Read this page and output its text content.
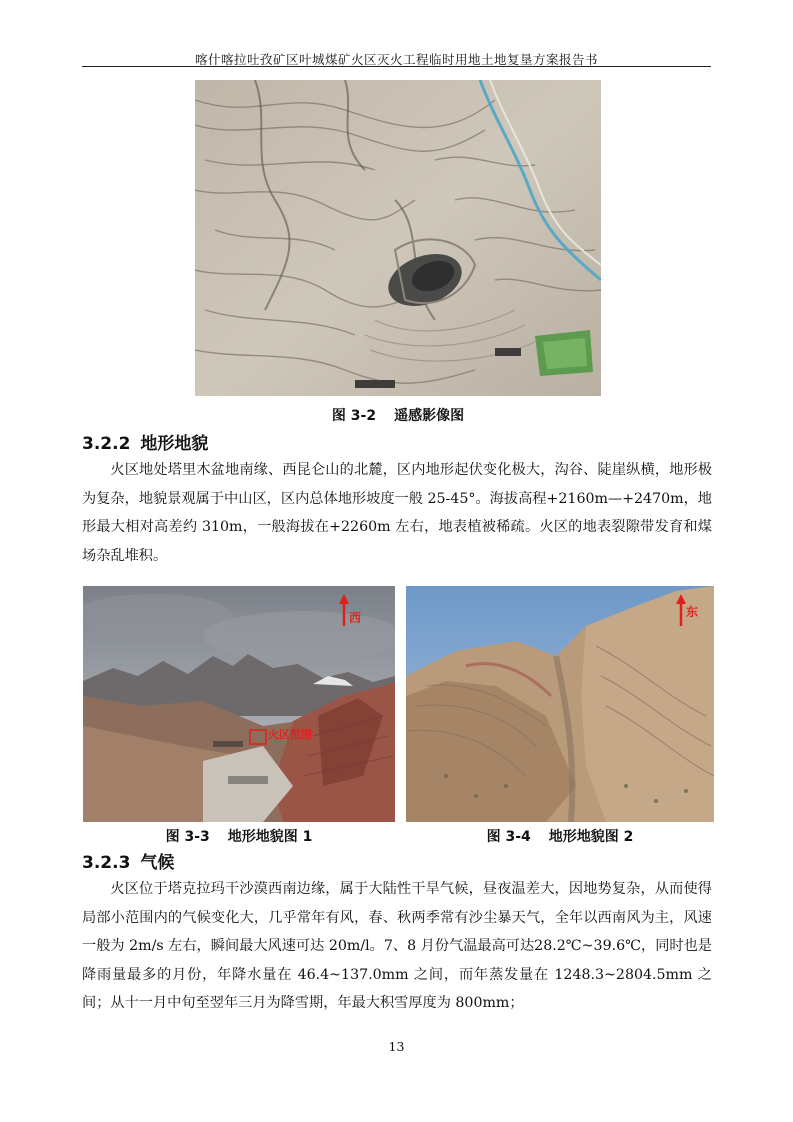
喀什喀拉吐孜矿区叶城煤矿火区灭火工程临时用地土地复垦方案报告书
图 3-2 遥感影像图
3.2.2 地形地貌

火区地处塔里木盆地南缘、西昆仑山的北麓，区内地形起伏变化极大，沟谷、陡崖纵横，地形极为复杂，地貌景观属于中山区，区内总体地形坡度一般 25-45°。海拔高程+2160m—+2470m，地形最大相对高差约 310m，一般海拔在+2260m 左右，地表植被稀疏。火区的地表裂隙带发育和煤场杂乱堆积。

火区范围
西
图 3-3 地形地貌图 1
东
图 3-4 地形地貌图 2
3.2.3 气候

火区位于塔克拉玛干沙漠西南边缘，属于大陆性干旱气候，昼夜温差大，因地势复杂，从而使得局部小范围内的气候变化大，几乎常年有风，春、秋两季常有沙尘暴天气，全年以西南风为主，风速一般为 2m/s 左右，瞬间最大风速可达 20m/l。7、8 月份气温最高可达28.2℃~39.6℃，同时也是降雨量最多的月份，年降水量在 46.4~137.0mm 之间，而年蒸发量在 1248.3~2804.5mm 之间；从十一月中旬至翌年三月为降雪期，年最大积雪厚度为 800mm；

13
